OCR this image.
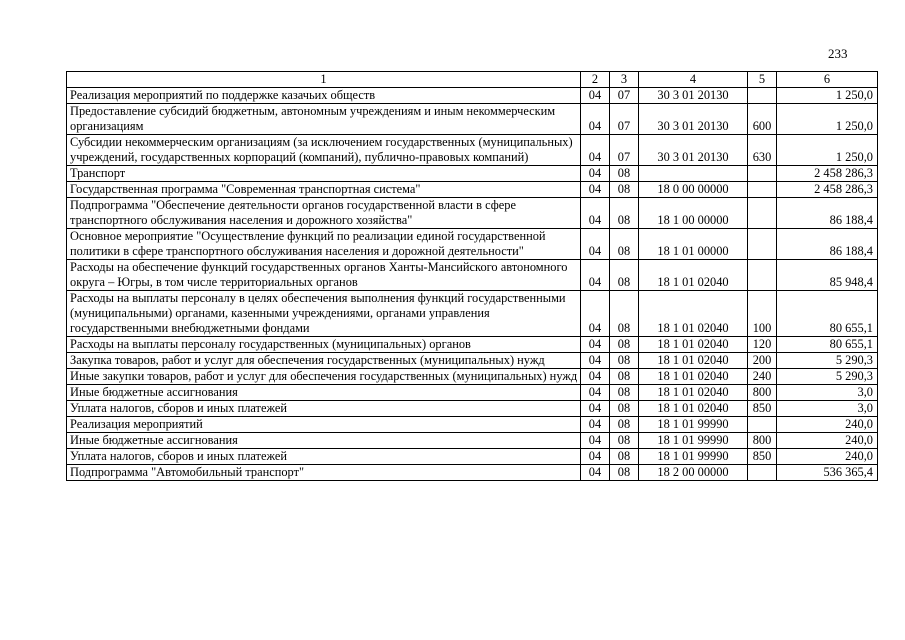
233
1	2	3	4	5	6
Реализация мероприятий по поддержке казачьих обществ	04	07	30 3 01 20130		1 250,0
Предоставление субсидий бюджетным, автономным учреждениям и иным некоммерческим организациям	04	07	30 3 01 20130	600	1 250,0
Субсидии некоммерческим организациям (за исключением государственных (муниципальных) учреждений, государственных корпораций (компаний), публично-правовых компаний)	04	07	30 3 01 20130	630	1 250,0
Транспорт	04	08			2 458 286,3
Государственная программа "Современная транспортная система"	04	08	18 0 00 00000		2 458 286,3
Подпрограмма "Обеспечение деятельности органов государственной власти в сфере транспортного обслуживания населения и дорожного хозяйства"	04	08	18 1 00 00000		86 188,4
Основное мероприятие "Осуществление функций по реализации единой государственной политики в сфере транспортного обслуживания населения и дорожной деятельности"	04	08	18 1 01 00000		86 188,4
Расходы на обеспечение функций государственных органов Ханты-Мансийского автономного округа – Югры, в том числе территориальных органов	04	08	18 1 01 02040		85 948,4
Расходы на выплаты персоналу в целях обеспечения выполнения функций государственными (муниципальными) органами, казенными учреждениями, органами управления государственными внебюджетными фондами	04	08	18 1 01 02040	100	80 655,1
Расходы на выплаты персоналу государственных (муниципальных) органов	04	08	18 1 01 02040	120	80 655,1
Закупка товаров, работ и услуг для обеспечения государственных (муниципальных) нужд	04	08	18 1 01 02040	200	5 290,3
Иные закупки товаров, работ и услуг для обеспечения государственных (муниципальных) нужд	04	08	18 1 01 02040	240	5 290,3
Иные бюджетные ассигнования	04	08	18 1 01 02040	800	3,0
Уплата налогов, сборов и иных платежей	04	08	18 1 01 02040	850	3,0
Реализация мероприятий	04	08	18 1 01 99990		240,0
Иные бюджетные ассигнования	04	08	18 1 01 99990	800	240,0
Уплата налогов, сборов и иных платежей	04	08	18 1 01 99990	850	240,0
Подпрограмма "Автомобильный транспорт"	04	08	18 2 00 00000		536 365,4
